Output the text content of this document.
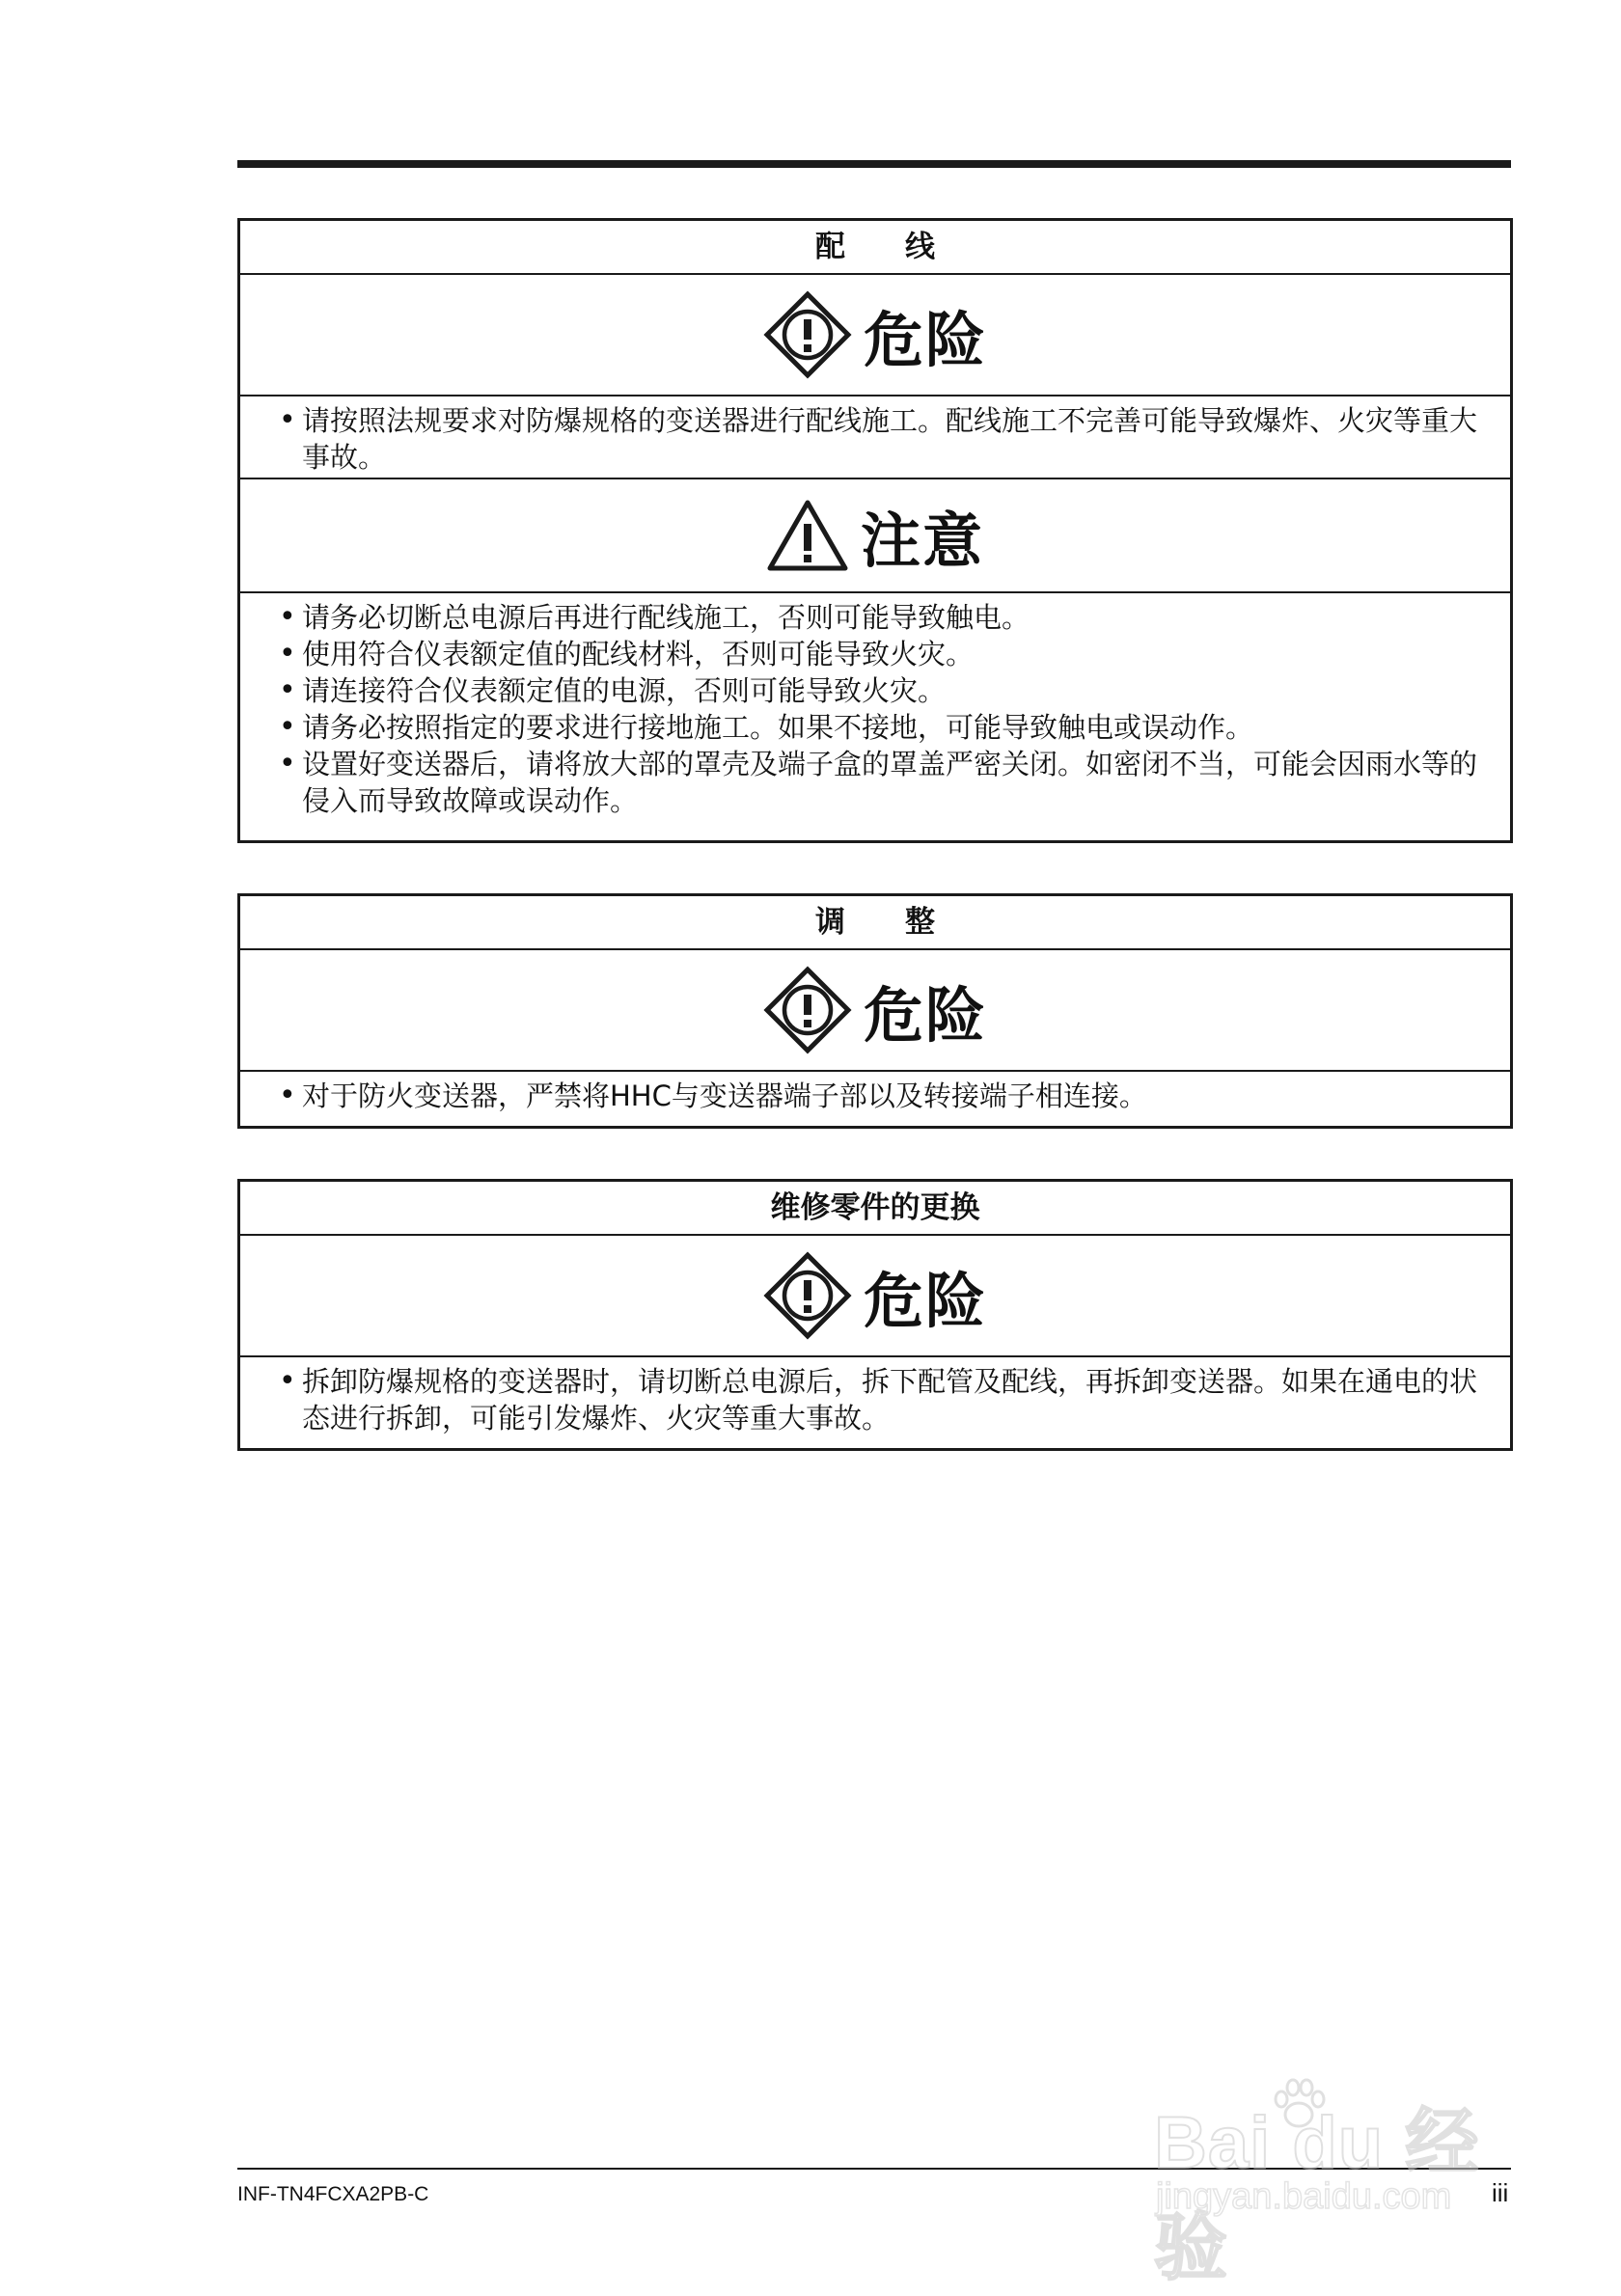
配　　线
危险
• 请按照法规要求对防爆规格的变送器进行配线施工。配线施工不完善可能导致爆炸、火灾等重大事故。
注意
• 请务必切断总电源后再进行配线施工，否则可能导致触电。
• 使用符合仪表额定值的配线材料，否则可能导致火灾。
• 请连接符合仪表额定值的电源，否则可能导致火灾。
• 请务必按照指定的要求进行接地施工。如果不接地，可能导致触电或误动作。
• 设置好变送器后，请将放大部的罩壳及端子盒的罩盖严密关闭。如密闭不当，可能会因雨水等的侵入而导致故障或误动作。
调　　整
危险
• 对于防火变送器，严禁将HHC与变送器端子部以及转接端子相连接。
维修零件的更换
危险
• 拆卸防爆规格的变送器时，请切断总电源后，拆下配管及配线，再拆卸变送器。如果在通电的状态进行拆卸，可能引发爆炸、火灾等重大事故。
INF-TN4FCXA2PB-C	iii
Bai du 经验
jingyan.baidu.com
